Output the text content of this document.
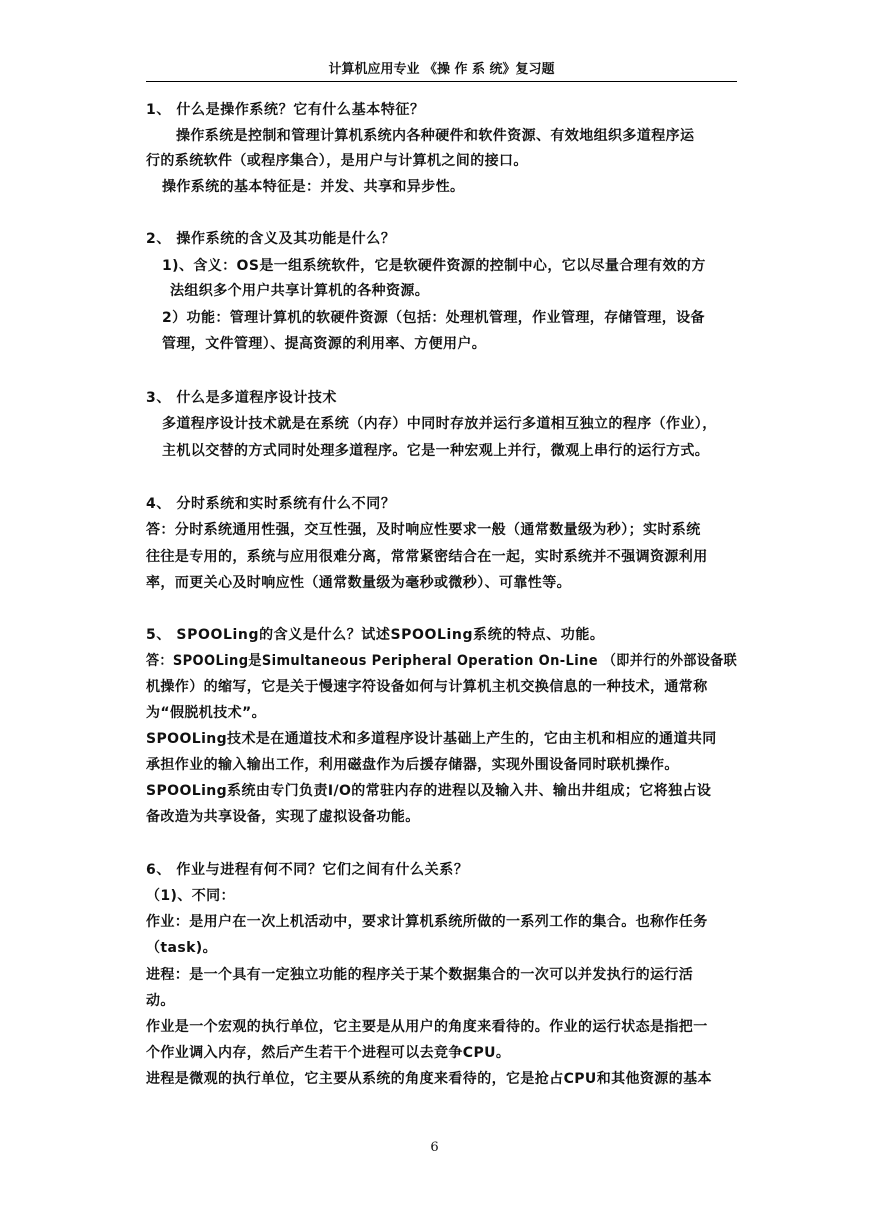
计算机应用专业 《操 作 系 统》复习题
1、 什么是操作系统？它有什么基本特征？
操作系统是控制和管理计算机系统内各种硬件和软件资源、有效地组织多道程序运
行的系统软件（或程序集合），是用户与计算机之间的接口。
操作系统的基本特征是：并发、共享和异步性。
2、 操作系统的含义及其功能是什么？
1)、含义：OS是一组系统软件，它是软硬件资源的控制中心，它以尽量合理有效的方
法组织多个用户共享计算机的各种资源。
2）功能：管理计算机的软硬件资源（包括：处理机管理，作业管理，存储管理，设备
管理，文件管理）、提高资源的利用率、方便用户。
3、 什么是多道程序设计技术
多道程序设计技术就是在系统（内存）中同时存放并运行多道相互独立的程序（作业），
主机以交替的方式同时处理多道程序。它是一种宏观上并行，微观上串行的运行方式。
4、 分时系统和实时系统有什么不同？
答：分时系统通用性强，交互性强，及时响应性要求一般（通常数量级为秒）；实时系统
往往是专用的，系统与应用很难分离，常常紧密结合在一起，实时系统并不强调资源利用
率，而更关心及时响应性（通常数量级为毫秒或微秒）、可靠性等。
5、 SPOOLing的含义是什么？试述SPOOLing系统的特点、功能。
答：SPOOLing是Simultaneous Peripheral Operation On-Line （即并行的外部设备联
机操作）的缩写，它是关于慢速字符设备如何与计算机主机交换信息的一种技术，通常称
为“假脱机技术”。
SPOOLing技术是在通道技术和多道程序设计基础上产生的，它由主机和相应的通道共同
承担作业的输入输出工作，利用磁盘作为后援存储器，实现外围设备同时联机操作。
SPOOLing系统由专门负责I/O的常驻内存的进程以及输入井、输出井组成；它将独占设
备改造为共享设备，实现了虚拟设备功能。
6、 作业与进程有何不同？它们之间有什么关系？
（1)、不同：
作业：是用户在一次上机活动中，要求计算机系统所做的一系列工作的集合。也称作任务
（task)。
进程：是一个具有一定独立功能的程序关于某个数据集合的一次可以并发执行的运行活
动。
作业是一个宏观的执行单位，它主要是从用户的角度来看待的。作业的运行状态是指把一
个作业调入内存，然后产生若干个进程可以去竞争CPU。
进程是微观的执行单位，它主要从系统的角度来看待的，它是抢占CPU和其他资源的基本
6
